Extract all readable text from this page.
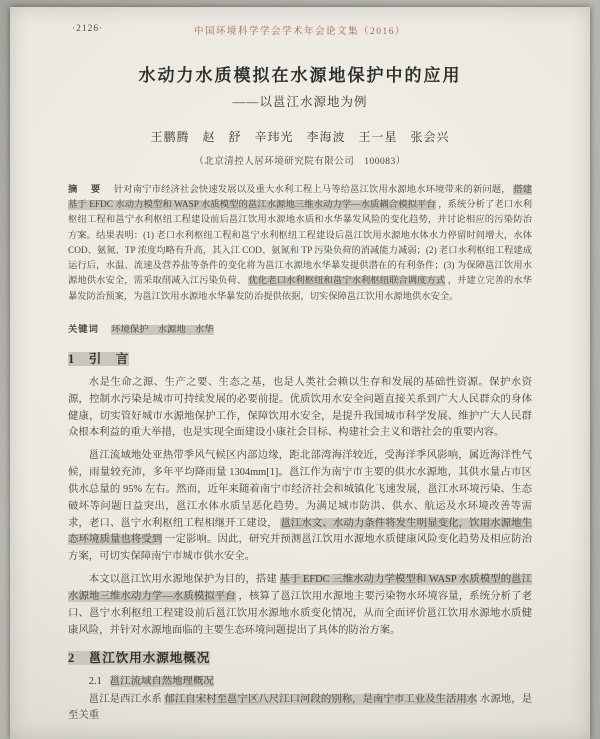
·2126·	中国环境科学学会学术年会论文集（2016）
水动力水质模拟在水源地保护中的应用
——以邕江水源地为例
王鹏腾　赵　舒　辛玮光　李海波　王一星　张会兴
（北京清控人居环境研究院有限公司　100083）

摘　要 针对南宁市经济社会快速发展以及重大水利工程上马等给邕江饮用水源地水环境带来的新问题， 搭建基于 EFDC 水动力模型和 WASP 水质模型的邕江水源地三维水动力学—水质耦合模拟平台 ，系统分析了老口水利枢纽工程和邕宁水利枢纽工程建设前后邕江饮用水源地水质和水华暴发风险的变化趋势，并讨论相应的污染防治方案。结果表明：(1) 老口水利枢纽工程和邕宁水利枢纽工程建设后邕江饮用水源地水体水力停留时间增大，水体 COD、氨氮、TP 浓度均略有升高，其入江 COD、氨氮和 TP 污染负荷的消减能力减弱；(2) 老口水利枢纽工程建成运行后，水温、流速及营养盐等条件的变化将为邕江水源地水华暴发提供潜在的有利条件；(3) 为保障邕江饮用水源地供水安全，需采取削减入江污染负荷、 优化老口水利枢纽和邕宁水利枢纽联合调度方式 ，并建立完善的水华暴发防治预案，为邕江饮用水源地水华暴发防治提供依据，切实保障邕江饮用水源地供水安全。

关键词 环境保护　水源地　水华

1　引　言

水是生命之源、生产之要、生态之基，也是人类社会赖以生存和发展的基础性资源。保护水资源，控制水污染是城市可持续发展的必要前提。优质饮用水安全问题直接关系到广大人民群众的身体健康，切实管好城市水源地保护工作，保障饮用水安全，是提升我国城市科学发展、维护广大人民群众根本利益的重大举措，也是实现全面建设小康社会目标、构建社会主义和谐社会的重要内容。

邕江流域地处亚热带季风气候区内部边缘，距北部湾海洋较近，受海洋季风影响，属近海洋性气候，雨量较充沛，多年平均降雨量 1304mm[1]。邕江作为南宁市主要的供水水源地，其供水量占市区供水总量的 95% 左右。然而，近年来随着南宁市经济社会和城镇化飞速发展，邕江水环境污染、生态破坏等问题日益突出，邕江水体水质呈恶化趋势。为满足城市防洪、供水、航运及水环境改善等需求，老口、邕宁水利枢纽工程相继开工建设， 邕江水文、水动力条件将发生明显变化，饮用水源地生态环境质量也将受到 一定影响。因此，研究并预测邕江饮用水源地水质健康风险变化趋势及相应防治方案，可切实保障南宁市城市供水安全。

本文以邕江饮用水源地保护为目的，搭建 基于 EFDC 三维水动力学模型和 WASP 水质模型的邕江水源地三维水动力学—水质模拟平台 ，核算了邕江饮用水源地主要污染物水环境容量，系统分析了老口、邕宁水利枢纽工程建设前后邕江饮用水源地水质变化情况，从而全面评价邕江饮用水源地水质健康风险，并针对水源地面临的主要生态环境问题提出了具体的防治方案。

2　邕江饮用水源地概况
2.1 邕江流域自然地理概况

邕江是西江水系 郁江自宋村至邕宁区八尺江口河段的别称，是南宁市工业及生活用水 水源地，是至关重
